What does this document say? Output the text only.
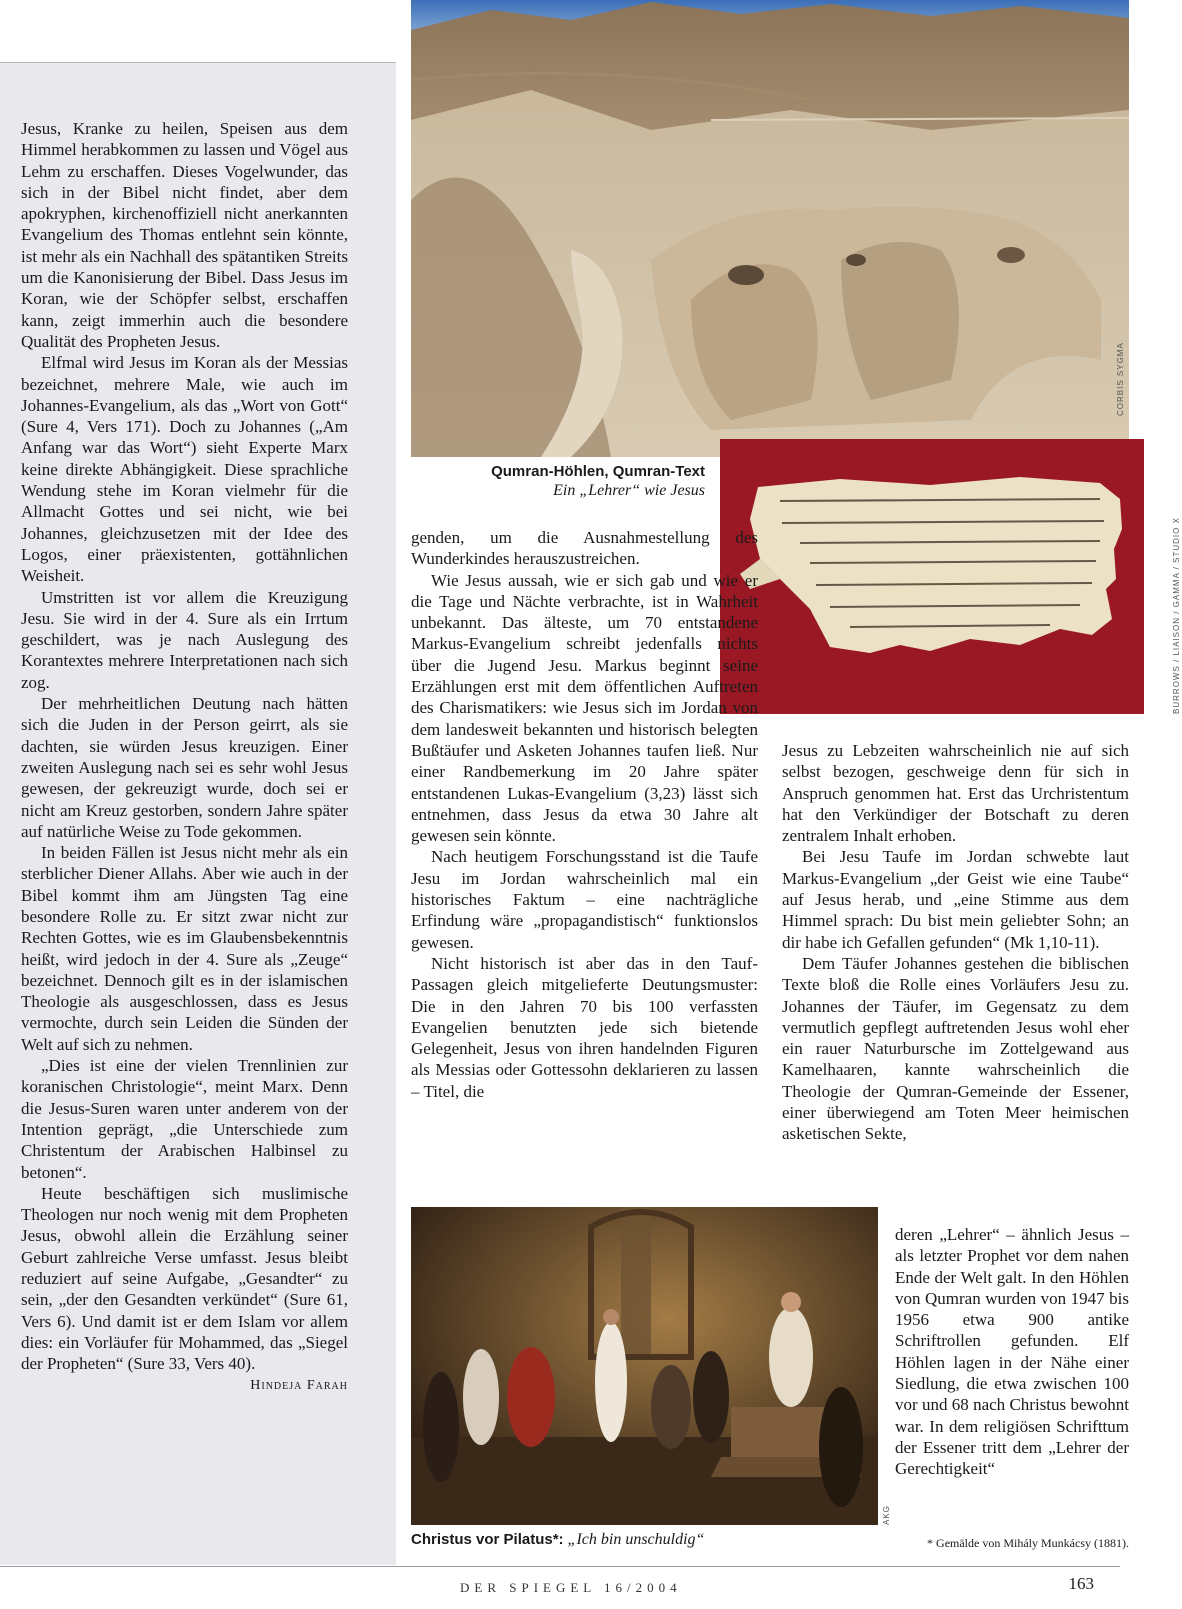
Jesus, Kranke zu heilen, Speisen aus dem Himmel herabkommen zu lassen und Vögel aus Lehm zu erschaffen. Dieses Vogelwunder, das sich in der Bibel nicht findet, aber dem apokryphen, kirchenoffiziell nicht anerkannten Evangelium des Thomas entlehnt sein könnte, ist mehr als ein Nachhall des spätantiken Streits um die Kanonisierung der Bibel. Dass Jesus im Koran, wie der Schöpfer selbst, erschaffen kann, zeigt immerhin auch die besondere Qualität des Propheten Jesus.

Elfmal wird Jesus im Koran als der Messias bezeichnet, mehrere Male, wie auch im Johannes-Evangelium, als das „Wort von Gott“ (Sure 4, Vers 171). Doch zu Johannes („Am Anfang war das Wort“) sieht Experte Marx keine direkte Abhängigkeit. Diese sprachliche Wendung stehe im Koran vielmehr für die Allmacht Gottes und sei nicht, wie bei Johannes, gleichzusetzen mit der Idee des Logos, einer präexistenten, gottähnlichen Weisheit.

Umstritten ist vor allem die Kreuzigung Jesu. Sie wird in der 4. Sure als ein Irrtum geschildert, was je nach Auslegung des Korantextes mehrere Interpretationen nach sich zog.

Der mehrheitlichen Deutung nach hätten sich die Juden in der Person geirrt, als sie dachten, sie würden Jesus kreuzigen. Einer zweiten Auslegung nach sei es sehr wohl Jesus gewesen, der gekreuzigt wurde, doch sei er nicht am Kreuz gestorben, sondern Jahre später auf natürliche Weise zu Tode gekommen.

In beiden Fällen ist Jesus nicht mehr als ein sterblicher Diener Allahs. Aber wie auch in der Bibel kommt ihm am Jüngsten Tag eine besondere Rolle zu. Er sitzt zwar nicht zur Rechten Gottes, wie es im Glaubensbekenntnis heißt, wird jedoch in der 4. Sure als „Zeuge“ bezeichnet. Dennoch gilt es in der islamischen Theologie als ausgeschlossen, dass es Jesus vermochte, durch sein Leiden die Sünden der Welt auf sich zu nehmen.

„Dies ist eine der vielen Trennlinien zur koranischen Christologie“, meint Marx. Denn die Jesus-Suren waren unter anderem von der Intention geprägt, „die Unterschiede zum Christentum der Arabischen Halbinsel zu betonen“.

Heute beschäftigen sich muslimische Theologen nur noch wenig mit dem Propheten Jesus, obwohl allein die Erzählung seiner Geburt zahlreiche Verse umfasst. Jesus bleibt reduziert auf seine Aufgabe, „Gesandter“ zu sein, „der den Gesandten verkündet“ (Sure 61, Vers 6). Und damit ist er dem Islam vor allem dies: ein Vorläufer für Mohammed, das „Siegel der Propheten“ (Sure 33, Vers 40).
Hindeja Farah

CORBIS SYGMA
Qumran-Höhlen, Qumran-Text
Ein „Lehrer“ wie Jesus
BURROWS / LIAISON / GAMMA / STUDIO X

genden, um die Ausnahmestellung des Wunderkindes herauszustreichen.

Wie Jesus aussah, wie er sich gab und wie er die Tage und Nächte verbrachte, ist in Wahrheit unbekannt. Das älteste, um 70 entstandene Markus-Evangelium schreibt jedenfalls nichts über die Jugend Jesu. Markus beginnt seine Erzählungen erst mit dem öffentlichen Auftreten des Charismatikers: wie Jesus sich im Jordan von dem landesweit bekannten und historisch belegten Bußtäufer und Asketen Johannes taufen ließ. Nur einer Randbemerkung im 20 Jahre später entstandenen Lukas-Evangelium (3,23) lässt sich entnehmen, dass Jesus da etwa 30 Jahre alt gewesen sein könnte.

Nach heutigem Forschungsstand ist die Taufe Jesu im Jordan wahrscheinlich mal ein historisches Faktum – eine nachträgliche Erfindung wäre „propagandistisch“ funktionslos gewesen.

Nicht historisch ist aber das in den Tauf-Passagen gleich mitgelieferte Deutungsmuster: Die in den Jahren 70 bis 100 verfassten Evangelien benutzten jede sich bietende Gelegenheit, Jesus von ihren handelnden Figuren als Messias oder Gottessohn deklarieren zu lassen – Titel, die

Jesus zu Lebzeiten wahrscheinlich nie auf sich selbst bezogen, geschweige denn für sich in Anspruch genommen hat. Erst das Urchristentum hat den Verkündiger der Botschaft zu deren zentralem Inhalt erhoben.

Bei Jesu Taufe im Jordan schwebte laut Markus-Evangelium „der Geist wie eine Taube“ auf Jesus herab, und „eine Stimme aus dem Himmel sprach: Du bist mein geliebter Sohn; an dir habe ich Gefallen gefunden“ (Mk 1,10-11).

Dem Täufer Johannes gestehen die biblischen Texte bloß die Rolle eines Vorläufers Jesu zu. Johannes der Täufer, im Gegensatz zu dem vermutlich gepflegt auftretenden Jesus wohl eher ein rauer Naturbursche im Zottelgewand aus Kamelhaaren, kannte wahrscheinlich die Theologie der Qumran-Gemeinde der Essener, einer überwiegend am Toten Meer heimischen asketischen Sekte,

deren „Lehrer“ – ähnlich Jesus – als letzter Prophet vor dem nahen Ende der Welt galt. In den Höhlen von Qumran wurden von 1947 bis 1956 etwa 900 antike Schriftrollen gefunden. Elf Höhlen lagen in der Nähe einer Siedlung, die etwa zwischen 100 vor und 68 nach Christus bewohnt war. In dem religiösen Schrifttum der Essener tritt dem „Lehrer der Gerechtigkeit“

AKG
Christus vor Pilatus*: „Ich bin unschuldig“	* Gemälde von Mihály Munkácsy (1881).
DER SPIEGEL 16/2004	163
